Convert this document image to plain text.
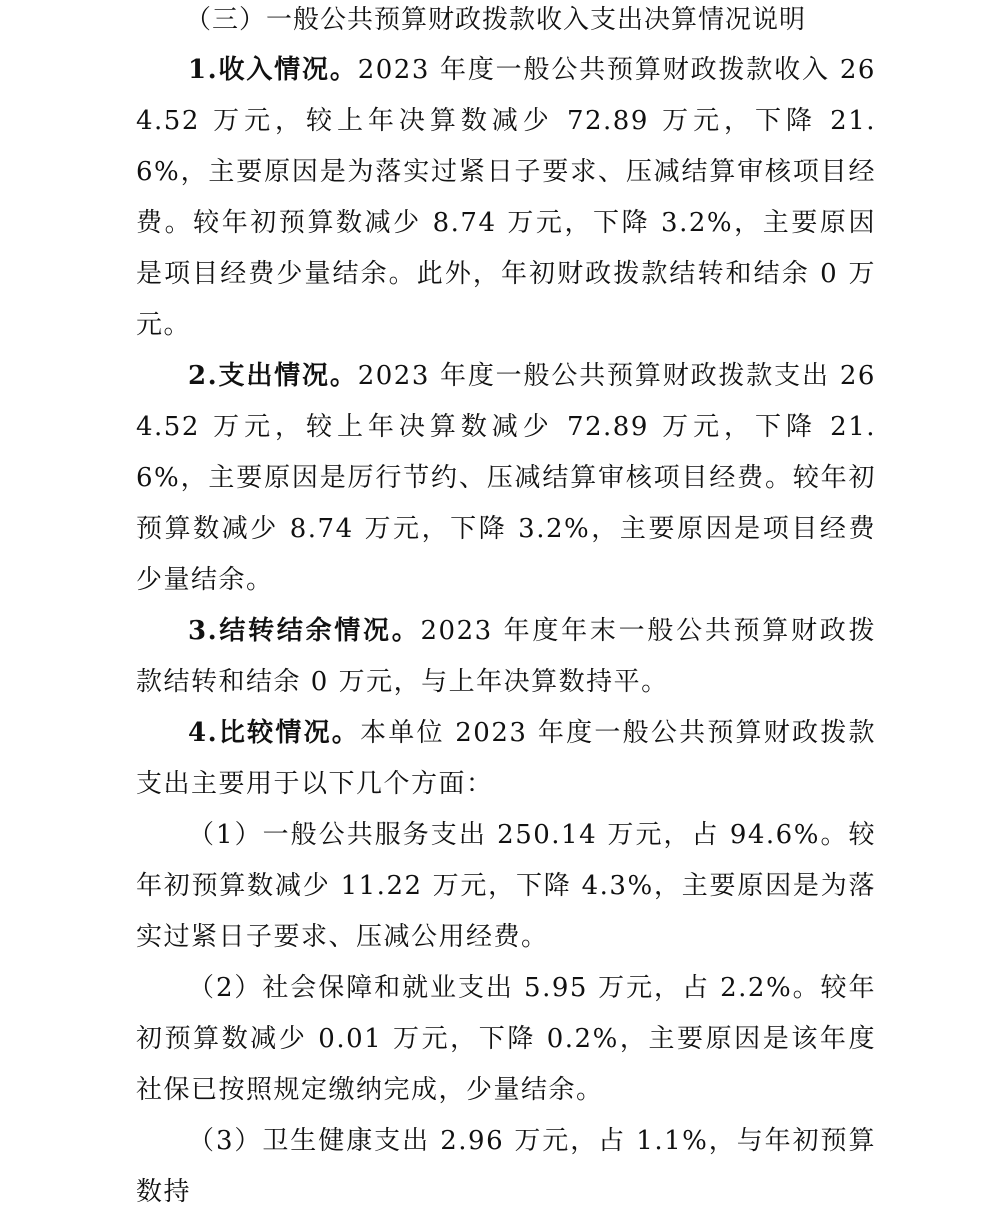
（三）一般公共预算财政拨款收入支出决算情况说明

1.收入情况。2023 年度一般公共预算财政拨款收入 264.52 万元，较上年决算数减少 72.89 万元，下降 21.6%，主要原因是为落实过紧日子要求、压减结算审核项目经费。较年初预算数减少 8.74 万元，下降 3.2%，主要原因是项目经费少量结余。此外，年初财政拨款结转和结余 0 万元。

2.支出情况。2023 年度一般公共预算财政拨款支出 264.52 万元，较上年决算数减少 72.89 万元，下降 21.6%，主要原因是厉行节约、压减结算审核项目经费。较年初预算数减少 8.74 万元，下降 3.2%，主要原因是项目经费少量结余。

3.结转结余情况。2023 年度年末一般公共预算财政拨款结转和结余 0 万元，与上年决算数持平。

4.比较情况。本单位 2023 年度一般公共预算财政拨款支出主要用于以下几个方面：

（1）一般公共服务支出 250.14 万元，占 94.6%。较年初预算数减少 11.22 万元，下降 4.3%，主要原因是为落实过紧日子要求、压减公用经费。

（2）社会保障和就业支出 5.95 万元，占 2.2%。较年初预算数减少 0.01 万元，下降 0.2%，主要原因是该年度社保已按照规定缴纳完成，少量结余。

（3）卫生健康支出 2.96 万元，占 1.1%，与年初预算数持
